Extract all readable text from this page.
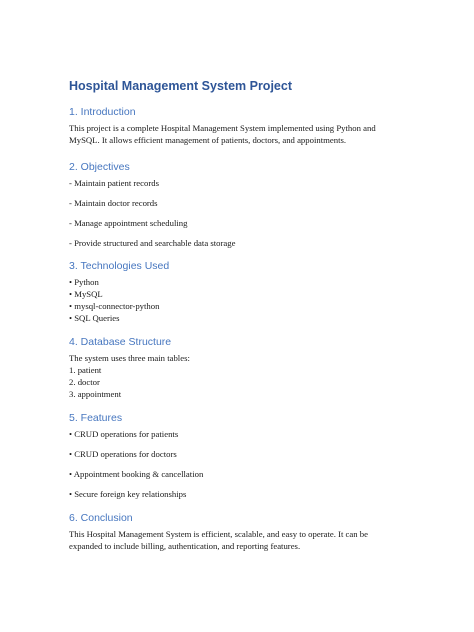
Hospital Management System Project
1. Introduction

This project is a complete Hospital Management System implemented using Python and MySQL. It allows efficient management of patients, doctors, and appointments.

2. Objectives

- Maintain patient records

- Maintain doctor records

- Manage appointment scheduling

- Provide structured and searchable data storage

3. Technologies Used

• Python

• MySQL

• mysql-connector-python

• SQL Queries

4. Database Structure

The system uses three main tables:

1. patient

2. doctor

3. appointment

5. Features

• CRUD operations for patients

• CRUD operations for doctors

• Appointment booking & cancellation

• Secure foreign key relationships

6. Conclusion

This Hospital Management System is efficient, scalable, and easy to operate. It can be expanded to include billing, authentication, and reporting features.
